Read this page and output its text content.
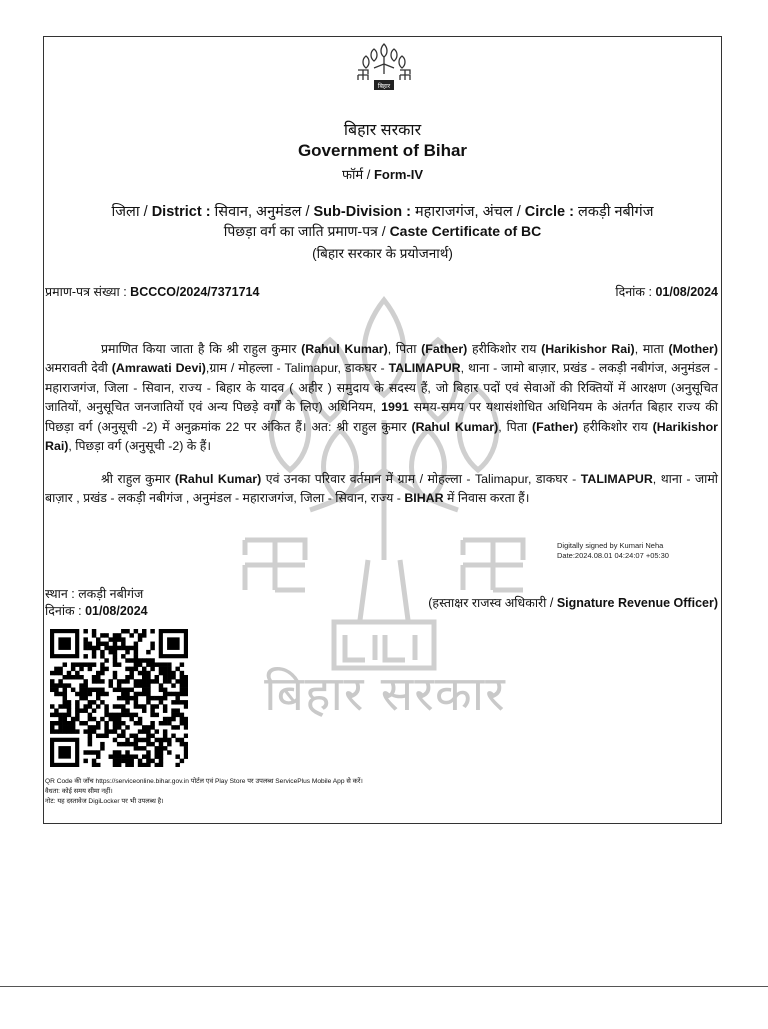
बिहार सरकार
बिहार
बिहार सरकार
Government of Bihar
फॉर्म / Form-IV
जिला / District : सिवान, अनुमंडल / Sub-Division : महाराजगंज, अंचल / Circle : लकड़ी नबीगंज
पिछड़ा वर्ग का जाति प्रमाण-पत्र / Caste Certificate of BC
(बिहार सरकार के प्रयोजनार्थ)
प्रमाण-पत्र संख्या : BCCCO/2024/7371714	दिनांक : 01/08/2024

प्रमाणित किया जाता है कि श्री राहुल कुमार (Rahul Kumar), पिता (Father) हरीकिशोर राय (Harikishor Rai), माता (Mother) अमरावती देवी (Amrawati Devi),ग्राम / मोहल्ला - Talimapur, डाकघर - TALIMAPUR, थाना - जामो बाज़ार, प्रखंड - लकड़ी नबीगंज, अनुमंडल - महाराजगंज, जिला - सिवान, राज्य - बिहार के यादव ( अहीर ) समुदाय के सदस्य हैं, जो बिहार पदों एवं सेवाओं की रिक्तियों में आरक्षण (अनुसूचित जातियों, अनुसूचित जनजातियों एवं अन्य पिछड़े वर्गों के लिए) अधिनियम, 1991 समय-समय पर यथासंशोधित अधिनियम के अंतर्गत बिहार राज्य की पिछड़ा वर्ग (अनुसूची -2) में अनुक्रमांक 22 पर अंकित हैं। अत: श्री राहुल कुमार (Rahul Kumar), पिता (Father) हरीकिशोर राय (Harikishor Rai), पिछड़ा वर्ग (अनुसूची -2) के हैं।

श्री राहुल कुमार (Rahul Kumar) एवं उनका परिवार वर्तमान में ग्राम / मोहल्ला - Talimapur, डाकघर - TALIMAPUR, थाना - जामो बाज़ार , प्रखंड - लकड़ी नबीगंज , अनुमंडल - महाराजगंज, जिला - सिवान, राज्य - BIHAR में निवास करता हैं।

Digitally signed by Kumari Neha
Date:2024.08.01 04:24:07 +05:30
स्थान : लकड़ी नबीगंज
दिनांक : 01/08/2024
(हस्ताक्षर राजस्व अधिकारी / Signature Revenue Officer)
QR Code की जाँच https://serviceonline.bihar.gov.in पोर्टल एवं Play Store पर उपलब्ध ServicePlus Mobile App से करें।
वैधता: कोई समय सीमा नहीं।
नोट: यह दस्तावेज DigiLocker पर भी उपलब्ध है।
